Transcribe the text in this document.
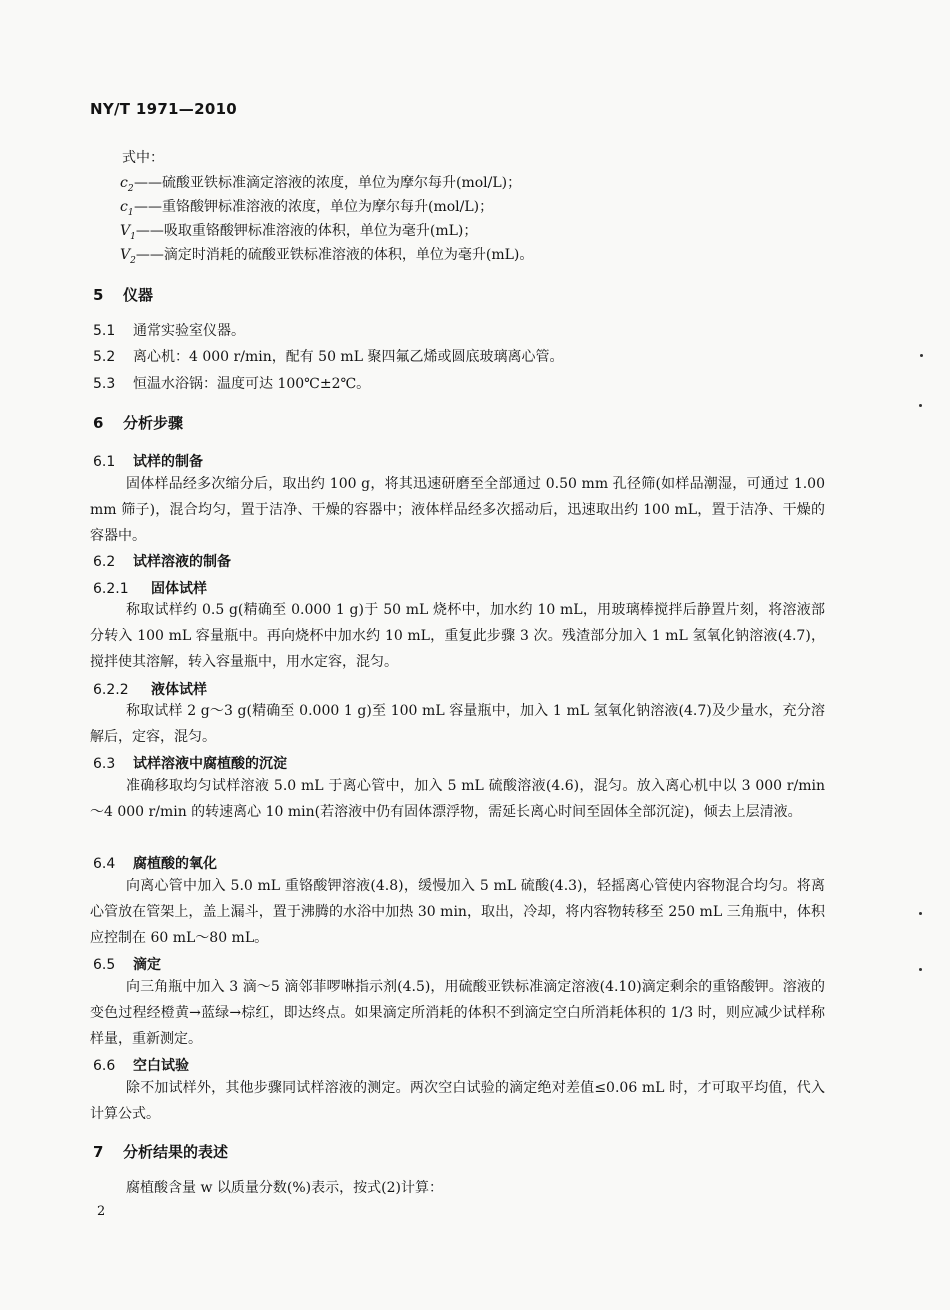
NY/T 1971—2010
式中：
$c_2——$硫酸亚铁标准滴定溶液的浓度，单位为摩尔每升(mol/L)；
$c_1——$重铬酸钾标准溶液的浓度，单位为摩尔每升(mol/L)；
$V_1——$吸取重铬酸钾标准溶液的体积，单位为毫升(mL)；
$V_2——$滴定时消耗的硫酸亚铁标准溶液的体积，单位为毫升(mL)。
5 仪器
5.1 通常实验室仪器。
5.2 离心机：4 000 r/min，配有 50 mL 聚四氟乙烯或圆底玻璃离心管。
5.3 恒温水浴锅：温度可达 100℃±2℃。
6 分析步骤
6.1 试样的制备
固体样品经多次缩分后，取出约 100 g，将其迅速研磨至全部通过 0.50 mm 孔径筛(如样品潮湿，可通过 1.00 mm 筛子)，混合均匀，置于洁净、干燥的容器中；液体样品经多次摇动后，迅速取出约 100 mL，置于洁净、干燥的容器中。
6.2 试样溶液的制备
6.2.1 固体试样
称取试样约 0.5 g(精确至 0.000 1 g)于 50 mL 烧杯中，加水约 10 mL，用玻璃棒搅拌后静置片刻，将溶液部分转入 100 mL 容量瓶中。再向烧杯中加水约 10 mL，重复此步骤 3 次。残渣部分加入 1 mL 氢氧化钠溶液(4.7)，搅拌使其溶解，转入容量瓶中，用水定容，混匀。
6.2.2 液体试样
称取试样 2 g～3 g(精确至 0.000 1 g)至 100 mL 容量瓶中，加入 1 mL 氢氧化钠溶液(4.7)及少量水，充分溶解后，定容，混匀。
6.3 试样溶液中腐植酸的沉淀
准确移取均匀试样溶液 5.0 mL 于离心管中，加入 5 mL 硫酸溶液(4.6)，混匀。放入离心机中以 3 000 r/min～4 000 r/min 的转速离心 10 min(若溶液中仍有固体漂浮物，需延长离心时间至固体全部沉淀)，倾去上层清液。
6.4 腐植酸的氧化
向离心管中加入 5.0 mL 重铬酸钾溶液(4.8)，缓慢加入 5 mL 硫酸(4.3)，轻摇离心管使内容物混合均匀。将离心管放在管架上，盖上漏斗，置于沸腾的水浴中加热 30 min，取出，冷却，将内容物转移至 250 mL 三角瓶中，体积应控制在 60 mL～80 mL。
6.5 滴定
向三角瓶中加入 3 滴～5 滴邻菲啰啉指示剂(4.5)，用硫酸亚铁标准滴定溶液(4.10)滴定剩余的重铬酸钾。溶液的变色过程经橙黄→蓝绿→棕红，即达终点。如果滴定所消耗的体积不到滴定空白所消耗体积的 1/3 时，则应减少试样称样量，重新测定。
6.6 空白试验
除不加试样外，其他步骤同试样溶液的测定。两次空白试验的滴定绝对差值≤0.06 mL 时，才可取平均值，代入计算公式。
7 分析结果的表述
腐植酸含量 w 以质量分数(%)表示，按式(2)计算：
2
